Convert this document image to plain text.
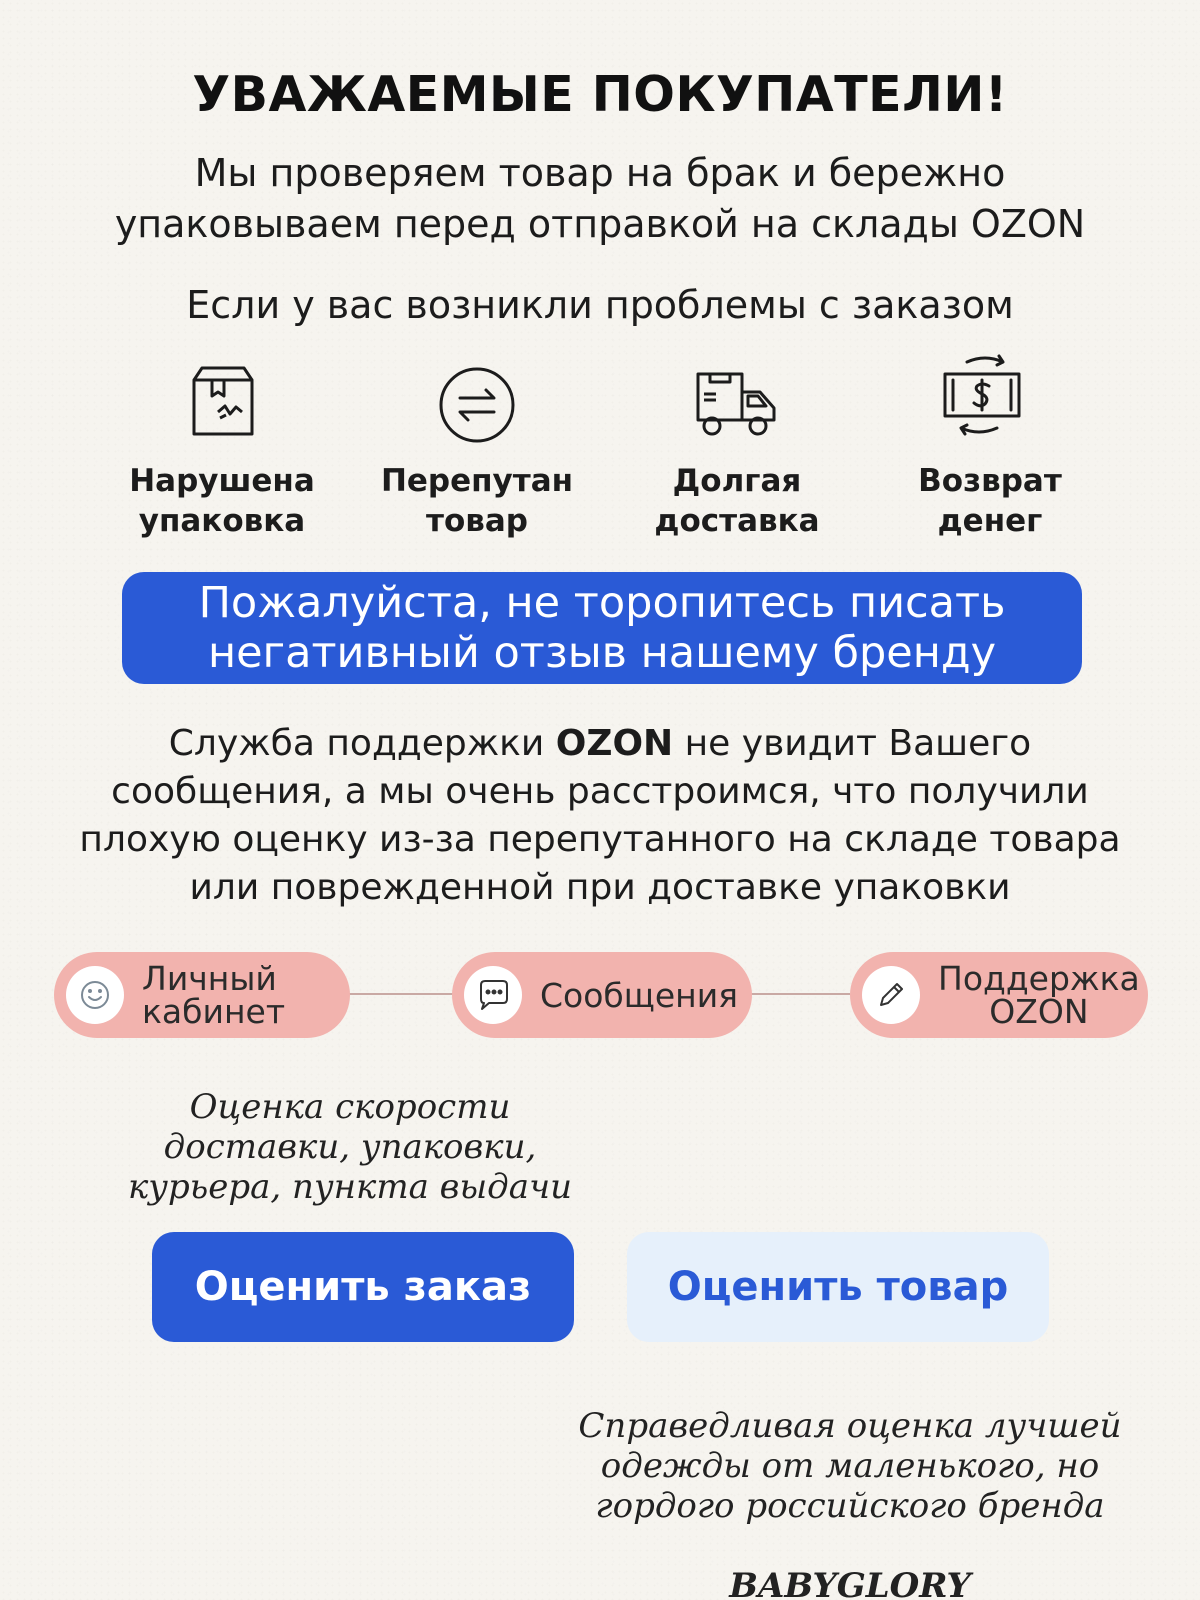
УВАЖАЕМЫЕ ПОКУПАТЕЛИ!
Мы проверяем товар на брак и бережно
упаковываем перед отправкой на склады OZON
Если у вас возникли проблемы с заказом
Нарушена
упаковка
Перепутан
товар
Долгая
доставка
Возврат
денег
Пожалуйста, не торопитесь писать
негативный отзыв нашему бренду
Служба поддержки OZON не увидит Вашего
сообщения, а мы очень расстроимся, что получили
плохую оценку из-за перепутанного на складе товара
или поврежденной при доставке упаковки
Личный
кабинет	Сообщения	Поддержка
OZON
Оценка скорости
доставки, упаковки,
курьера, пункта выдачи
Оценить заказ	Оценить товар

Справедливая оценка лучшей
одежды от маленького, но
гордого российского бренда

BABYGLORY
